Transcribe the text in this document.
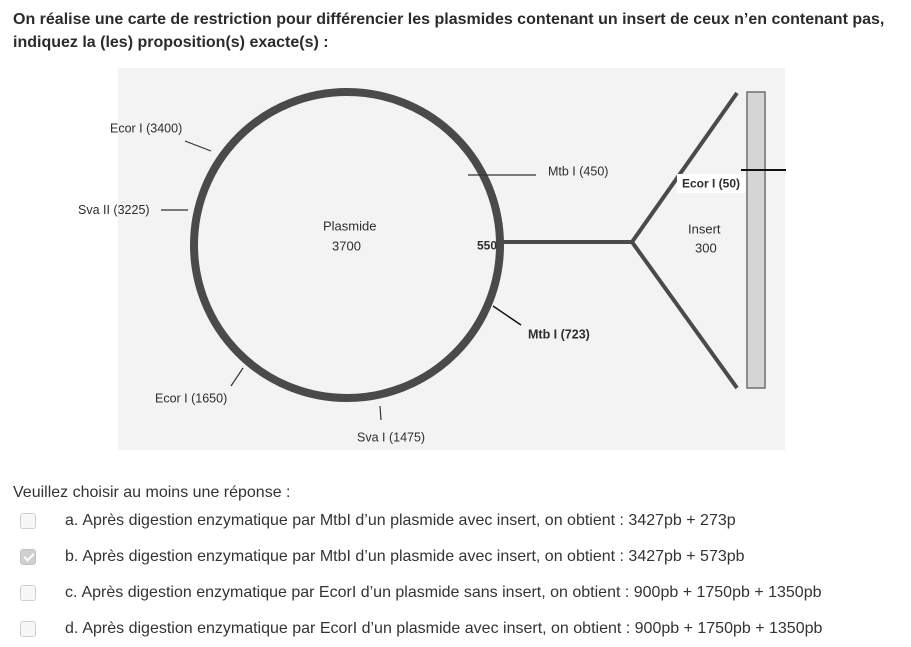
On réalise une carte de restriction pour différencier les plasmides contenant un insert de ceux n’en contenant pas, indiquez la (les) proposition(s) exacte(s) :
Ecor I (3400)
Sva II (3225)
Plasmide
3700	550
Mtb I (450)
Ecor I (50)
Insert
300
Mtb I (723)
Ecor I (1650)
Sva I (1475)
Veuillez choisir au moins une réponse :
a. Après digestion enzymatique par MtbI d’un plasmide avec insert, on obtient : 3427pb + 273p
b. Après digestion enzymatique par MtbI d’un plasmide avec insert, on obtient : 3427pb + 573pb
c. Après digestion enzymatique par EcorI d’un plasmide sans insert, on obtient : 900pb + 1750pb + 1350pb
d. Après digestion enzymatique par EcorI d’un plasmide avec insert, on obtient : 900pb + 1750pb + 1350pb
